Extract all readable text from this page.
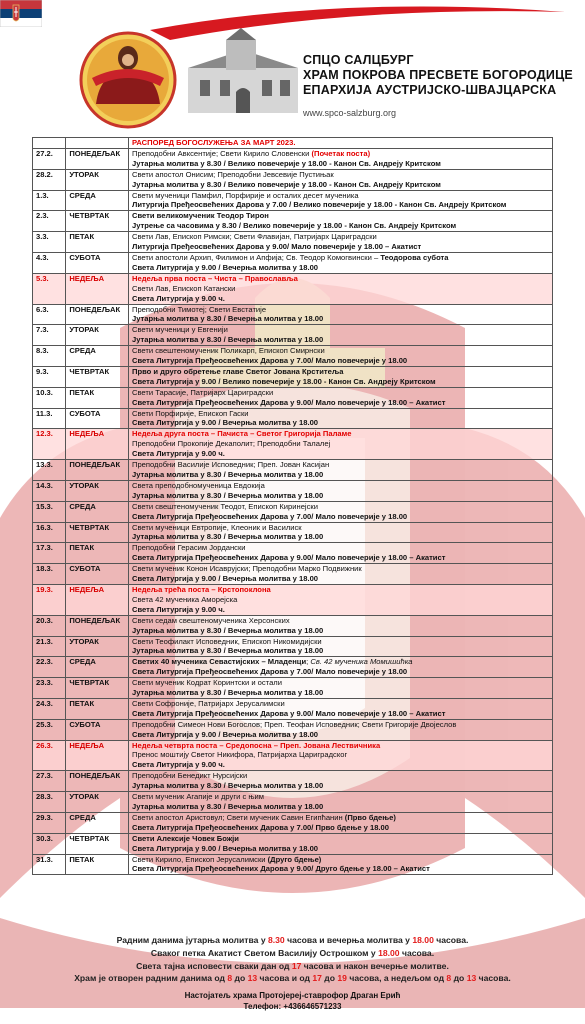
СПЦО САЛЦБУРГ
ХРАМ ПОКРОВА ПРЕСВЕТЕ БОГОРОДИЦЕ
ЕПАРХИЈА АУСТРИЈСКО-ШВАЈЦАРСКА
www.spco-salzburg.org
		РАСПОРЕД БОГОСЛУЖЕЊА ЗА МАРТ 2023.
27.2.	ПОНЕДЕЉАК	Преподобни Авксентије; Свети Кирило Словенски (Почетак поста)
Јутарња молитва у 8.30 / Велико повечерије у 18.00 - Канон Св. Андреју Критском

28.2.	УТОРАК	Свети апостол Онисим; Преподобни Јевсевије Пустињак
Јутарња молитва у 8.30 / Велико повечерије у 18.00 - Канон Св. Андреју Критском

1.3.	СРЕДА	Свети мученици Памфил, Порфирије и осталих десет мученика
Литургија Пређеосвећених Дарова у 7.00 / Велико повечерије у 18.00 - Канон Св. Андреју Критском

2.3.	ЧЕТВРТАК	Свети великомученик Теодор Тирон
Јутрење са часовима у 8.30 / Велико повечерије у 18.00 - Канон Св. Андреју Критском

3.3.	ПЕТАК	Свети Лав, Епископ Римски; Свети Флавијан, Патријарх Цариградски
Литургија Пређеосвећених Дарова у 9.00/ Мало повечерије у 18.00 – Акатист

4.3.	СУБОТА	Свети апостоли Архип, Филимон и Апфија; Св. Теодор Комогвински – Теодорова субота
Света Литургија у 9.00 / Вечерња молитва у 18.00

5.3.	НЕДЕЉА	Недеља прва поста – Чиста – Православља
Свети Лав, Епископ Катански
Света Литургија у 9.00 ч.

6.3.	ПОНЕДЕЉАК	Преподобни Тимотеј; Свети Евстатије
Јутарња молитва у 8.30 / Вечерња молитва у 18.00

7.3.	УТОРАК	Свети мученици у Евгенији
Јутарња молитва у 8.30 / Вечерња молитва у 18.00

8.3.	СРЕДА	Свети свештеномученик Поликарп, Епископ Смирнски
Света Литургија Пређеосвећених Дарова у 7.00/ Мало повечерије у 18.00

9.3.	ЧЕТВРТАК	Прво и друго обретење главе Светог Јована Крститеља
Света Литургија у 9.00 / Велико повечерије у 18.00 - Канон Св. Андреју Критском

10.3.	ПЕТАК	Свети Тарасије, Патријарх Цариградски
Света Литургија Пређеосвећених Дарова у 9.00/ Мало повечерије у 18.00 – Акатист

11.3.	СУБОТА	Свети Порфирије, Епископ Гаски
Света Литургија у 9.00 / Вечерња молитва у 18.00

12.3.	НЕДЕЉА	Недеља друга поста – Пачиста – Светог Григорија Паламе
Преподобни Прокопије Декаполит; Преподобни Талалеј
Света Литургија у 9.00 ч.

13.3.	ПОНЕДЕЉАК	Преподобни Василије Исповедник; Преп. Јован Касијан
Јутарња молитва у 8.30 / Вечерња молитва у 18.00

14.3.	УТОРАК	Света преподобномученица Евдокија
Јутарња молитва у 8.30 / Вечерња молитва у 18.00

15.3.	СРЕДА	Свети свештеномученик Теодот, Епископ Киринејски
Света Литургија Пређеосвећених Дарова у 7.00/ Мало повечерије у 18.00

16.3.	ЧЕТВРТАК	Свети мученици Евтропије, Клеоник и Василиск
Јутарња молитва у 8.30 / Вечерња молитва у 18.00

17.3.	ПЕТАК	Преподобни Герасим Јордански
Света Литургија Пређеосвећених Дарова у 9.00/ Мало повечерије у 18.00 – Акатист

18.3.	СУБОТА	Свети мученик Конон Исаврујски; Преподобни Марко Подвижник
Света Литургија у 9.00 / Вечерња молитва у 18.00

19.3.	НЕДЕЉА	Недеља трећа поста – Крстопоклона
Света 42 мученика Аморејска
Света Литургија у 9.00 ч.

20.3.	ПОНЕДЕЉАК	Свети седам свештеномученика Херсонских
Јутарња молитва у 8.30 / Вечерња молитва у 18.00

21.3.	УТОРАК	Свети Теофилакт Исповедник, Епископ Никомидијски
Јутарња молитва у 8.30 / Вечерња молитва у 18.00

22.3.	СРЕДА	Светих 40 мученика Севастијских – Младенци; Св. 42 мученика Момишићка
Света Литургија Пређеосвећених Дарова у 7.00/ Мало повечерије у 18.00

23.3.	ЧЕТВРТАК	Свети мученик Кодрат Коринтски и остали
Јутарња молитва у 8.30 / Вечерња молитва у 18.00

24.3.	ПЕТАК	Свети Софроније, Патријарх Јерусалимски
Света Литургија Пређеосвећених Дарова у 9.00/ Мало повечерије у 18.00 – Акатист

25.3.	СУБОТА	Преподобни Симеон Нови Богослов; Преп. Теофан Исповедник; Свети Григорије Двојеслов
Света Литургија у 9.00 / Вечерња молитва у 18.00

26.3.	НЕДЕЉА	Недеља четврта поста – Средопосна – Преп. Јована Лествичника
Пренос моштију Светог Никифора, Патријарха Цариградског
Света Литургија у 9.00 ч.

27.3.	ПОНЕДЕЉАК	Преподобни Бенедикт Нурсијски
Јутарња молитва у 8.30 / Вечерња молитва у 18.00

28.3.	УТОРАК	Свети мученик Агапије и други с њим
Јутарња молитва у 8.30 / Вечерња молитва у 18.00

29.3.	СРЕДА	Свети апостол Аристовул; Свети мученик Савин Египћанин (Прво бдење)
Света Литургија Пређеосвећених Дарова у 7.00/ Прво бдење у 18.00

30.3.	ЧЕТВРТАК	Свети Алексије Човек Божји
Света Литургија у 9.00 / Вечерња молитва у 18.00

31.3.	ПЕТАК	Свети Кирило, Епископ Јерусалимски (Друго бдење)
Света Литургија Пређеосвећених Дарова у 9.00/ Друго бдење у 18.00 – Акатист
Радним данима јутарња молитва у 8.30 часова и вечерња молитва у 18.00 часова.
Сваког петка Акатист Светом Василију Острошком у 18.00 часова.
Света тајна исповести сваки дан од 17 часова и након вечерње молитве.
Храм је отворен радним данима од 8 до 13 часова и од 17 до 19 часова, а недељом од 8 до 13 часова.
Настојатељ храма Протојереј-ставрофор Драган Ерић
Телефон: +436646571233
